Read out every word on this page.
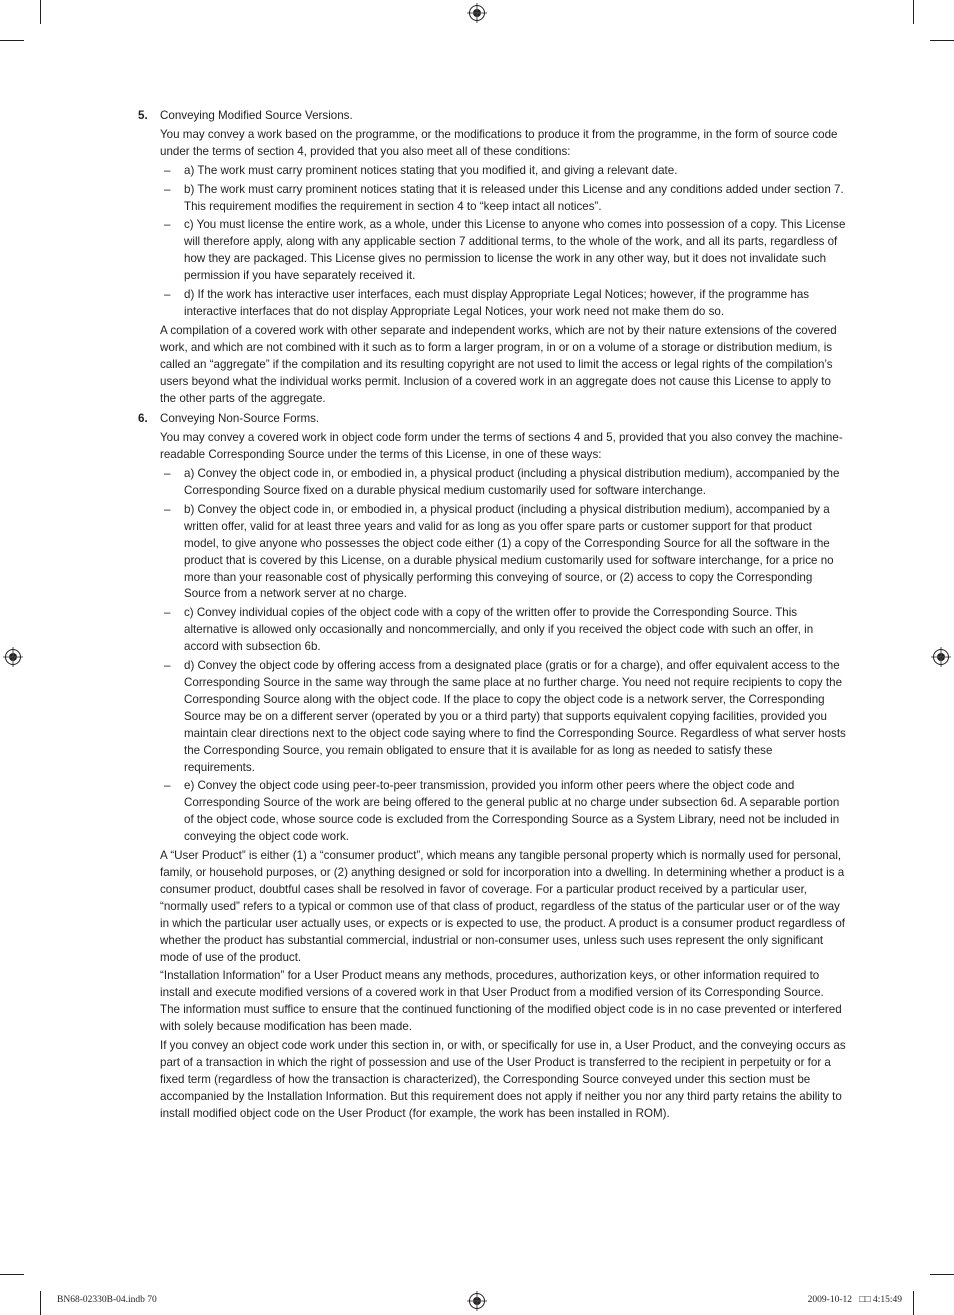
5. Conveying Modified Source Versions.

You may convey a work based on the programme, or the modifications to produce it from the programme, in the form of source code under the terms of section 4, provided that you also meet all of these conditions:

– a) The work must carry prominent notices stating that you modified it, and giving a relevant date.
– b) The work must carry prominent notices stating that it is released under this License and any conditions added under section 7. This requirement modifies the requirement in section 4 to “keep intact all notices”.
– c) You must license the entire work, as a whole, under this License to anyone who comes into possession of a copy. This License will therefore apply, along with any applicable section 7 additional terms, to the whole of the work, and all its parts, regardless of how they are packaged. This License gives no permission to license the work in any other way, but it does not invalidate such permission if you have separately received it.
– d) If the work has interactive user interfaces, each must display Appropriate Legal Notices; however, if the programme has interactive interfaces that do not display Appropriate Legal Notices, your work need not make them do so.

A compilation of a covered work with other separate and independent works, which are not by their nature extensions of the covered work, and which are not combined with it such as to form a larger program, in or on a volume of a storage or distribution medium, is called an “aggregate” if the compilation and its resulting copyright are not used to limit the access or legal rights of the compilation’s users beyond what the individual works permit. Inclusion of a covered work in an aggregate does not cause this License to apply to the other parts of the aggregate.

6. Conveying Non-Source Forms.

You may convey a covered work in object code form under the terms of sections 4 and 5, provided that you also convey the machine-readable Corresponding Source under the terms of this License, in one of these ways:

– a) Convey the object code in, or embodied in, a physical product (including a physical distribution medium), accompanied by the Corresponding Source fixed on a durable physical medium customarily used for software interchange.
– b) Convey the object code in, or embodied in, a physical product (including a physical distribution medium), accompanied by a written offer, valid for at least three years and valid for as long as you offer spare parts or customer support for that product model, to give anyone who possesses the object code either (1) a copy of the Corresponding Source for all the software in the product that is covered by this License, on a durable physical medium customarily used for software interchange, for a price no more than your reasonable cost of physically performing this conveying of source, or (2) access to copy the Corresponding Source from a network server at no charge.
– c) Convey individual copies of the object code with a copy of the written offer to provide the Corresponding Source. This alternative is allowed only occasionally and noncommercially, and only if you received the object code with such an offer, in accord with subsection 6b.
– d) Convey the object code by offering access from a designated place (gratis or for a charge), and offer equivalent access to the Corresponding Source in the same way through the same place at no further charge. You need not require recipients to copy the Corresponding Source along with the object code. If the place to copy the object code is a network server, the Corresponding Source may be on a different server (operated by you or a third party) that supports equivalent copying facilities, provided you maintain clear directions next to the object code saying where to find the Corresponding Source. Regardless of what server hosts the Corresponding Source, you remain obligated to ensure that it is available for as long as needed to satisfy these requirements.
– e) Convey the object code using peer-to-peer transmission, provided you inform other peers where the object code and Corresponding Source of the work are being offered to the general public at no charge under subsection 6d. A separable portion of the object code, whose source code is excluded from the Corresponding Source as a System Library, need not be included in conveying the object code work.

A “User Product” is either (1) a “consumer product”, which means any tangible personal property which is normally used for personal, family, or household purposes, or (2) anything designed or sold for incorporation into a dwelling. In determining whether a product is a consumer product, doubtful cases shall be resolved in favor of coverage. For a particular product received by a particular user, “normally used” refers to a typical or common use of that class of product, regardless of the status of the particular user or of the way in which the particular user actually uses, or expects or is expected to use, the product. A product is a consumer product regardless of whether the product has substantial commercial, industrial or non-consumer uses, unless such uses represent the only significant mode of use of the product.

“Installation Information” for a User Product means any methods, procedures, authorization keys, or other information required to install and execute modified versions of a covered work in that User Product from a modified version of its Corresponding Source. The information must suffice to ensure that the continued functioning of the modified object code is in no case prevented or interfered with solely because modification has been made.

If you convey an object code work under this section in, or with, or specifically for use in, a User Product, and the conveying occurs as part of a transaction in which the right of possession and use of the User Product is transferred to the recipient in perpetuity or for a fixed term (regardless of how the transaction is characterized), the Corresponding Source conveyed under this section must be accompanied by the Installation Information. But this requirement does not apply if neither you nor any third party retains the ability to install modified object code on the User Product (for example, the work has been installed in ROM).

BN68-02330B-04.indb 70	2009-10-12 □□ 4:15:49
